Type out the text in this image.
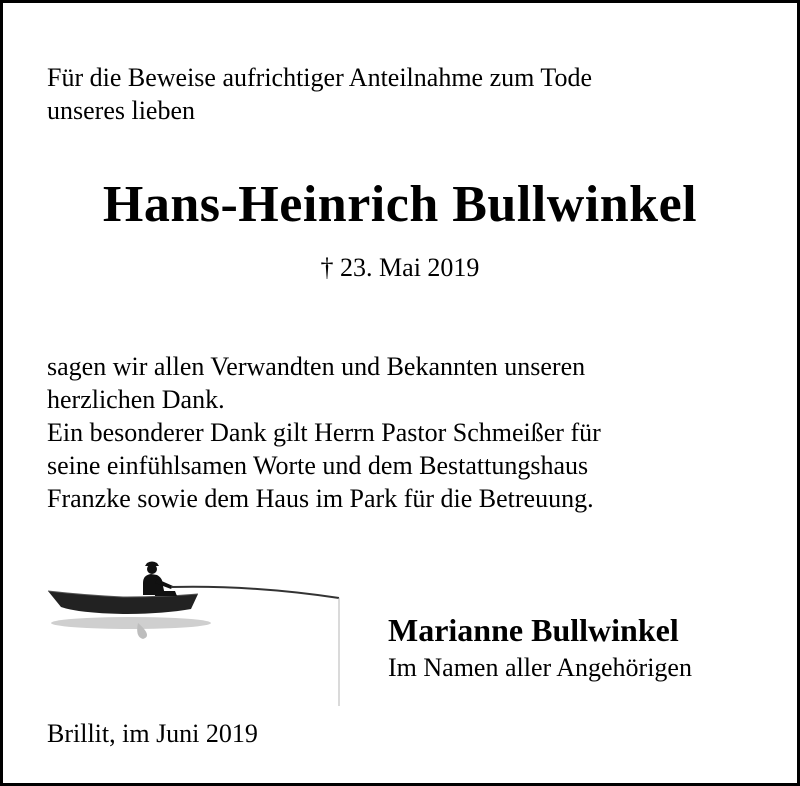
Für die Beweise aufrichtiger Anteilnahme zum Tode
unseres lieben
Hans-Heinrich Bullwinkel
† 23. Mai 2019
sagen wir allen Verwandten und Bekannten unseren
herzlichen Dank.
Ein besonderer Dank gilt Herrn Pastor Schmeißer für
seine einfühlsamen Worte und dem Bestattungshaus
Franzke sowie dem Haus im Park für die Betreuung.
Marianne Bullwinkel
Im Namen aller Angehörigen
Brillit, im Juni 2019
